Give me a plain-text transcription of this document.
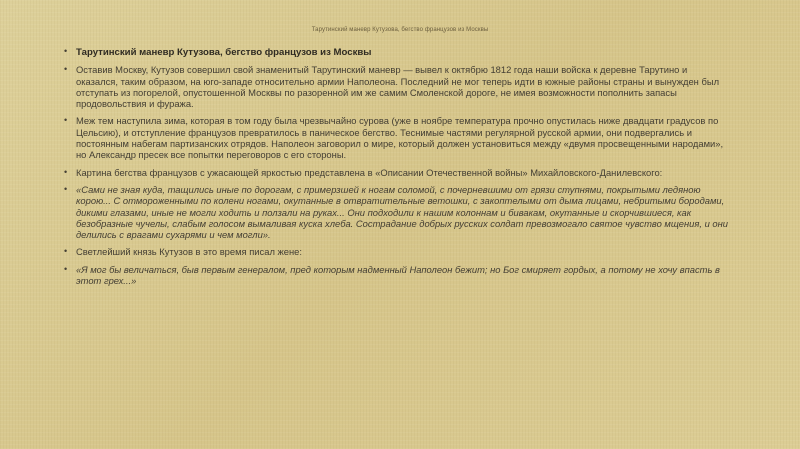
Тарутинский маневр Кутузова, бегство французов из Москвы
• Тарутинский маневр Кутузова, бегство французов из Москвы
• Оставив Москву, Кутузов совершил свой знаменитый Тарутинский маневр — вывел к октябрю 1812 года наши войска к деревне Тарутино и оказался, таким образом, на юго-западе относительно армии Наполеона. Последний не мог теперь идти в южные районы страны и вынужден был отступать из погорелой, опустошенной Москвы по разоренной им же самим Смоленской дороге, не имея возможности пополнить запасы продовольствия и фуража.
• Меж тем наступила зима, которая в том году была чрезвычайно сурова (уже в ноябре температура прочно опустилась ниже двадцати градусов по Цельсию), и отступление французов превратилось в паническое бегство. Теснимые частями регулярной русской армии, они подвергались и постоянным набегам партизанских отрядов. Наполеон заговорил о мире, который должен установиться между «двумя просвещенными народами», но Александр пресек все попытки переговоров с его стороны.
• Картина бегства французов с ужасающей яркостью представлена в «Описании Отечественной войны» Михайловского-Данилевского:
• «Сами не зная куда, тащились иные по дорогам, с примерзшей к ногам соломой, с почерневшими от грязи ступнями, покрытыми ледяною корою... С отмороженными по колени ногами, окутанные в отвратительные ветошки, с закоптелыми от дыма лицами, небритыми бородами, дикими глазами, иные не могли ходить и ползали на руках... Они подходили к нашим колоннам и бивакам, окутанные и скорчившиеся, как безобразные чучелы, слабым голосом вымаливая куска хлеба. Сострадание добрых русских солдат превозмогало святое чувство мщения, и они делились с врагами сухарями и чем могли».
• Светлейший князь Кутузов в это время писал жене:
• «Я мог бы величаться, быв первым генералом, пред которым надменный Наполеон бежит; но Бог смиряет гордых, а потому не хочу впасть в этот грех...»
